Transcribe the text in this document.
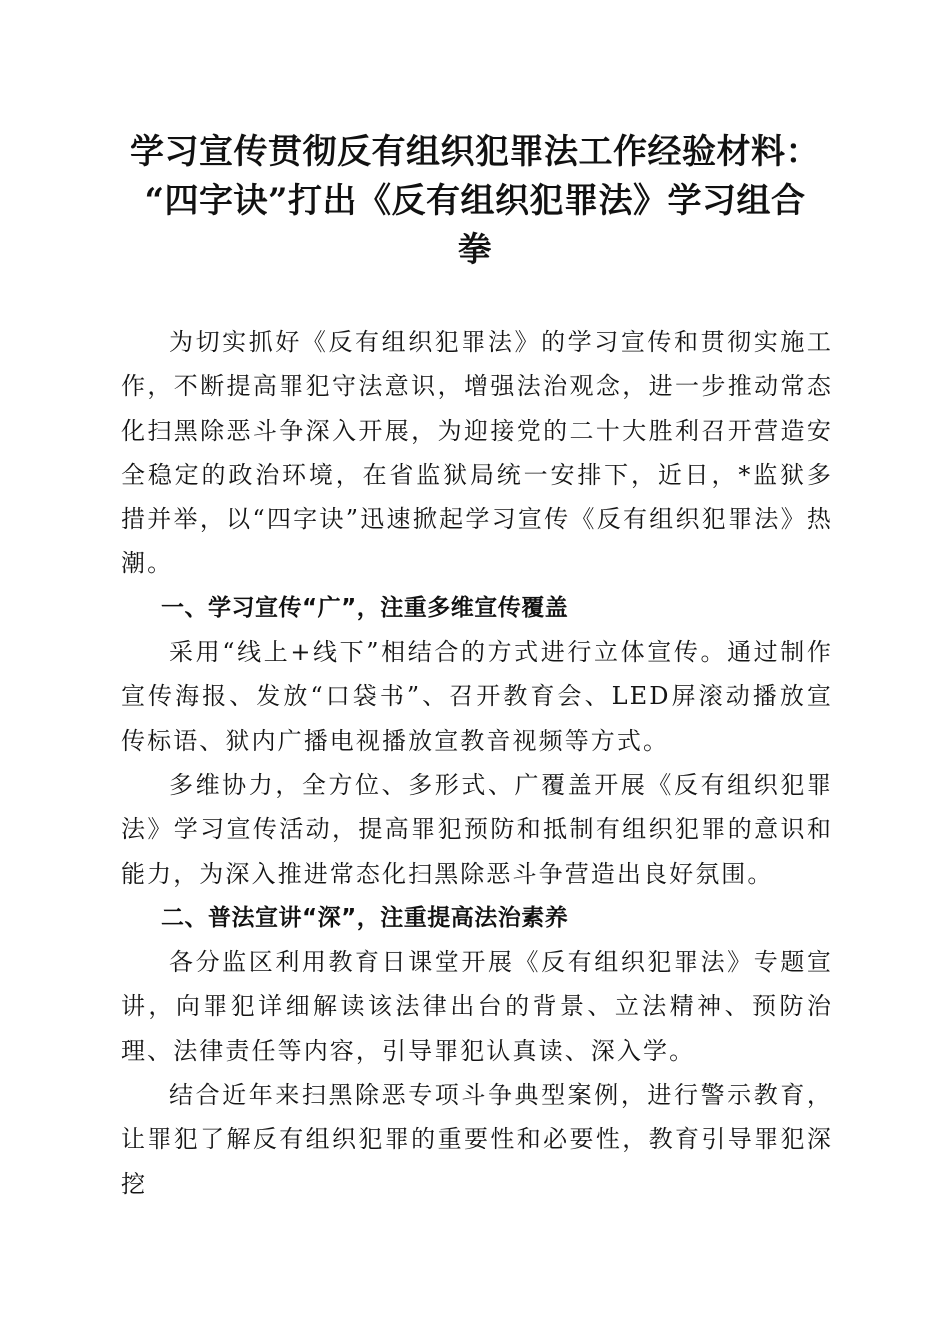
学习宣传贯彻反有组织犯罪法工作经验材料：
“四字诀”打出《反有组织犯罪法》学习组合
拳

为切实抓好《反有组织犯罪法》的学习宣传和贯彻实施工作，不断提高罪犯守法意识，增强法治观念，进一步推动常态化扫黑除恶斗争深入开展，为迎接党的二十大胜利召开营造安全稳定的政治环境，在省监狱局统一安排下，近日，*监狱多措并举，以“四字诀”迅速掀起学习宣传《反有组织犯罪法》热潮。

一、学习宣传“广”，注重多维宣传覆盖

采用“线上+线下”相结合的方式进行立体宣传。通过制作宣传海报、发放“口袋书”、召开教育会、LED屏滚动播放宣传标语、狱内广播电视播放宣教音视频等方式。

多维协力，全方位、多形式、广覆盖开展《反有组织犯罪法》学习宣传活动，提高罪犯预防和抵制有组织犯罪的意识和能力，为深入推进常态化扫黑除恶斗争营造出良好氛围。

二、普法宣讲“深”，注重提高法治素养

各分监区利用教育日课堂开展《反有组织犯罪法》专题宣讲，向罪犯详细解读该法律出台的背景、立法精神、预防治理、法律责任等内容，引导罪犯认真读、深入学。

结合近年来扫黑除恶专项斗争典型案例，进行警示教育，让罪犯了解反有组织犯罪的重要性和必要性，教育引导罪犯深挖
